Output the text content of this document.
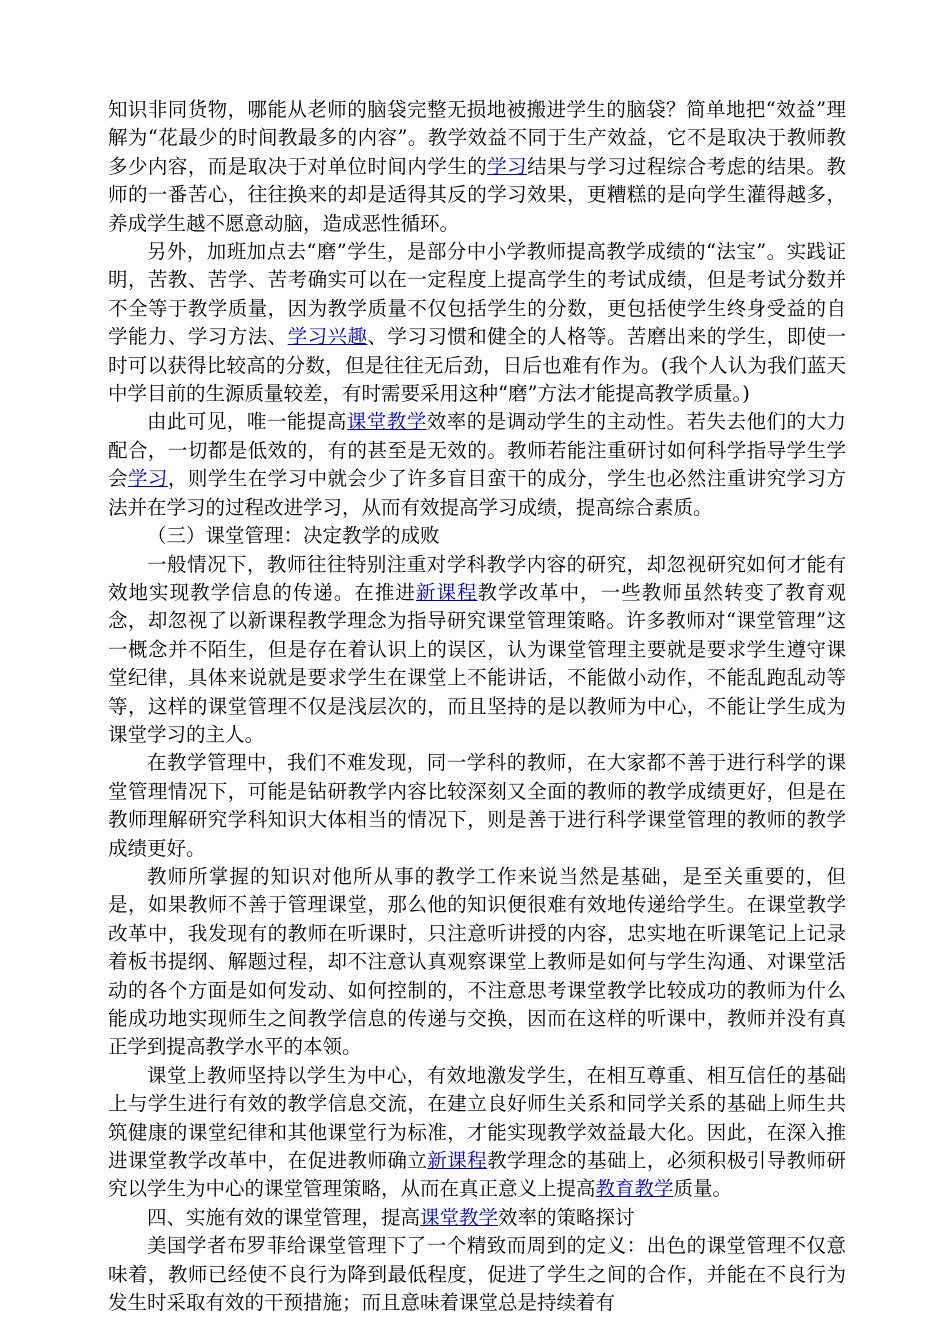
知识非同货物，哪能从老师的脑袋完整无损地被搬进学生的脑袋？简单地把“效益”理解为“花最少的时间教最多的内容”。教学效益不同于生产效益，它不是取决于教师教多少内容，而是取决于对单位时间内学生的学习结果与学习过程综合考虑的结果。教师的一番苦心，往往换来的却是适得其反的学习效果，更糟糕的是向学生灌得越多，养成学生越不愿意动脑，造成恶性循环。

另外，加班加点去“磨”学生，是部分中小学教师提高教学成绩的“法宝”。实践证明，苦教、苦学、苦考确实可以在一定程度上提高学生的考试成绩，但是考试分数并不全等于教学质量，因为教学质量不仅包括学生的分数，更包括使学生终身受益的自学能力、学习方法、学习兴趣、学习习惯和健全的人格等。苦磨出来的学生，即使一时可以获得比较高的分数，但是往往无后劲，日后也难有作为。(我个人认为我们蓝天中学目前的生源质量较差，有时需要采用这种“磨”方法才能提高教学质量。)

由此可见，唯一能提高课堂教学效率的是调动学生的主动性。若失去他们的大力配合，一切都是低效的，有的甚至是无效的。教师若能注重研讨如何科学指导学生学会学习，则学生在学习中就会少了许多盲目蛮干的成分，学生也必然注重讲究学习方法并在学习的过程改进学习，从而有效提高学习成绩，提高综合素质。

（三）课堂管理：决定教学的成败

一般情况下，教师往往特别注重对学科教学内容的研究，却忽视研究如何才能有效地实现教学信息的传递。在推进新课程教学改革中，一些教师虽然转变了教育观念，却忽视了以新课程教学理念为指导研究课堂管理策略。许多教师对“课堂管理”这一概念并不陌生，但是存在着认识上的误区，认为课堂管理主要就是要求学生遵守课堂纪律，具体来说就是要求学生在课堂上不能讲话，不能做小动作，不能乱跑乱动等等，这样的课堂管理不仅是浅层次的，而且坚持的是以教师为中心，不能让学生成为课堂学习的主人。

在教学管理中，我们不难发现，同一学科的教师，在大家都不善于进行科学的课堂管理情况下，可能是钻研教学内容比较深刻又全面的教师的教学成绩更好，但是在教师理解研究学科知识大体相当的情况下，则是善于进行科学课堂管理的教师的教学成绩更好。

教师所掌握的知识对他所从事的教学工作来说当然是基础，是至关重要的，但是，如果教师不善于管理课堂，那么他的知识便很难有效地传递给学生。在课堂教学改革中，我发现有的教师在听课时，只注意听讲授的内容，忠实地在听课笔记上记录着板书提纲、解题过程，却不注意认真观察课堂上教师是如何与学生沟通、对课堂活动的各个方面是如何发动、如何控制的，不注意思考课堂教学比较成功的教师为什么能成功地实现师生之间教学信息的传递与交换，因而在这样的听课中，教师并没有真正学到提高教学水平的本领。

课堂上教师坚持以学生为中心，有效地激发学生，在相互尊重、相互信任的基础上与学生进行有效的教学信息交流，在建立良好师生关系和同学关系的基础上师生共筑健康的课堂纪律和其他课堂行为标准，才能实现教学效益最大化。因此，在深入推进课堂教学改革中，在促进教师确立新课程教学理念的基础上，必须积极引导教师研究以学生为中心的课堂管理策略，从而在真正意义上提高教育教学质量。

四、实施有效的课堂管理，提高课堂教学效率的策略探讨

美国学者布罗菲给课堂管理下了一个精致而周到的定义：出色的课堂管理不仅意味着，教师已经使不良行为降到最低程度，促进了学生之间的合作，并能在不良行为发生时采取有效的干预措施；而且意味着课堂总是持续着有
